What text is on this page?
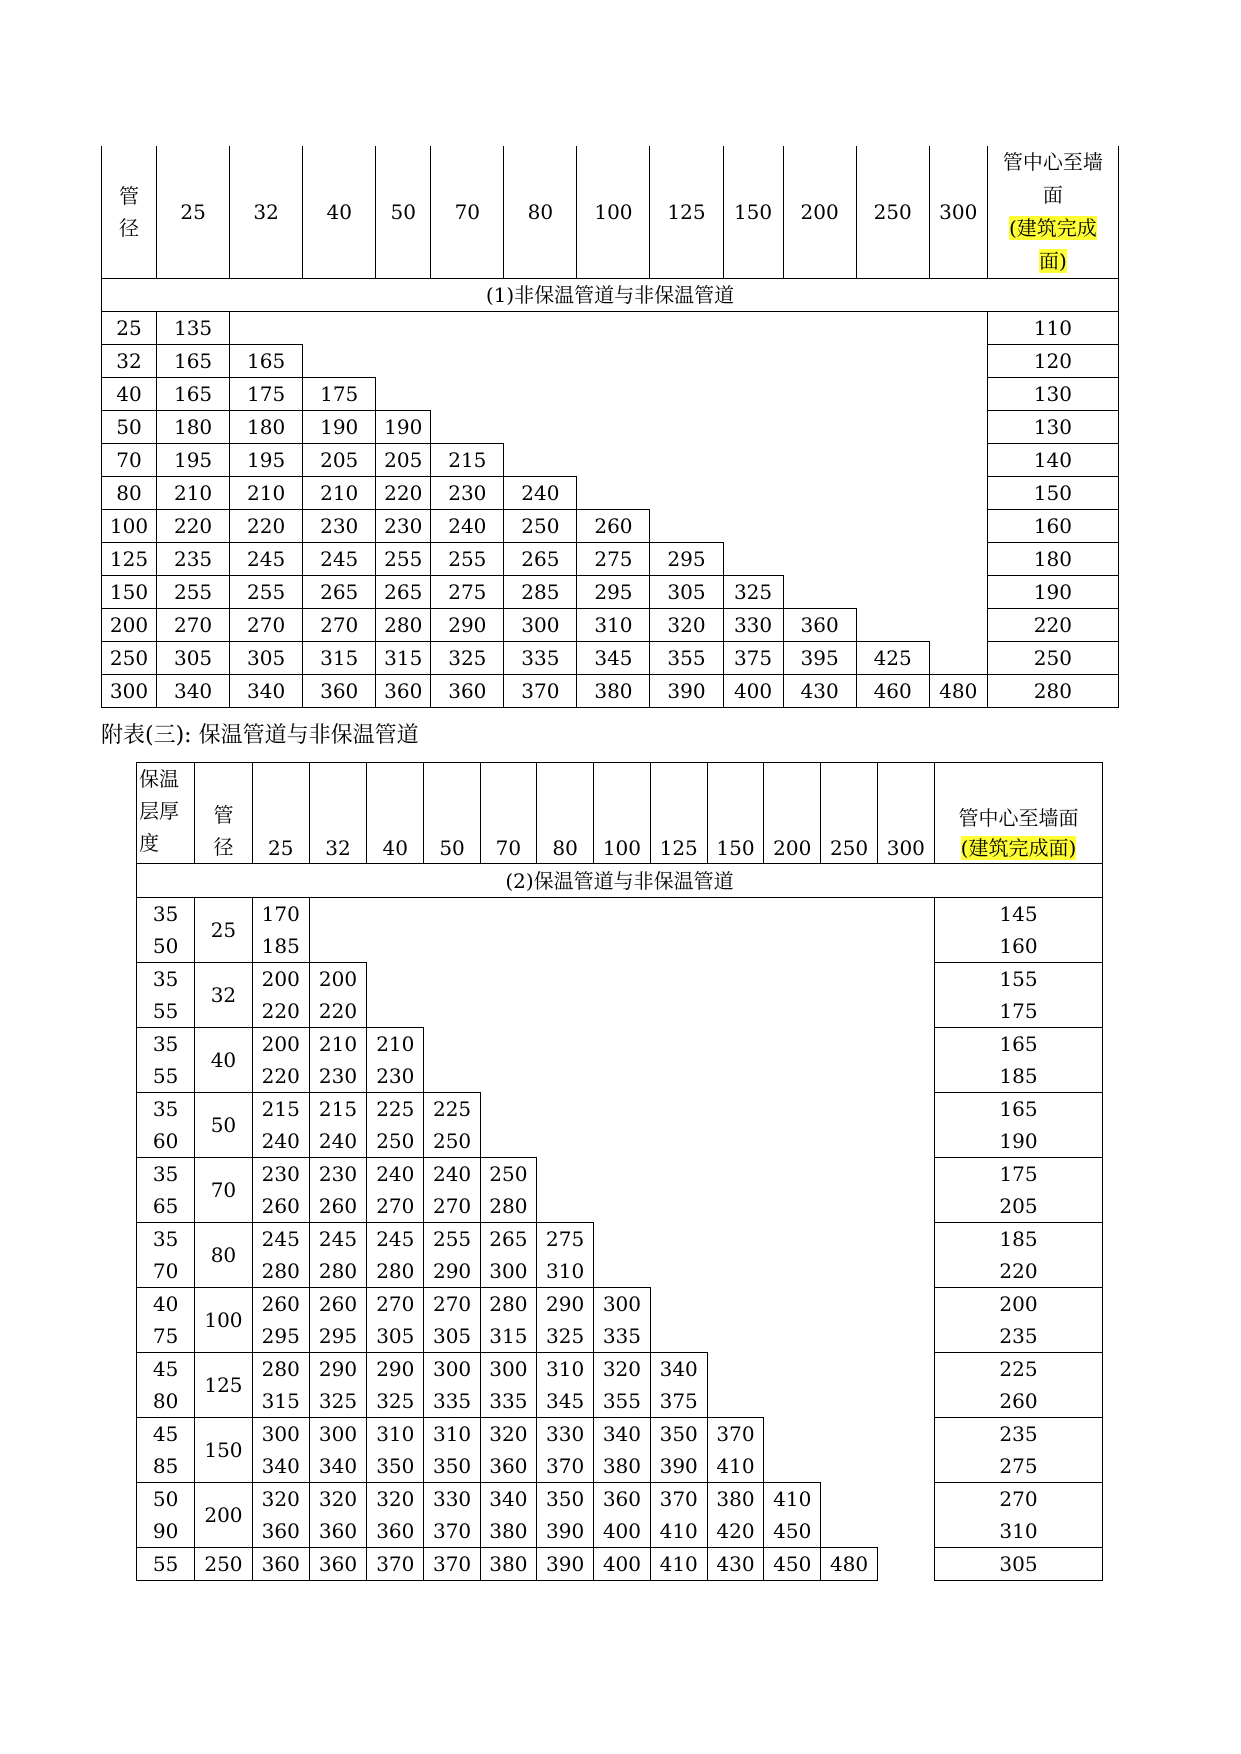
管径	25	32	40	50	70	80	100	125	150	200	250	300	管中心至墙面
(建筑完成面)

(1)非保温管道与非保温管道													
25	135												110
32	165	165											120
40	165	175	175										130
50	180	180	190	190									130
70	195	195	205	205	215								140
80	210	210	210	220	230	240							150
100	220	220	230	230	240	250	260						160
125	235	245	245	255	255	265	275	295					180
150	255	255	265	265	275	285	295	305	325				190
200	270	270	270	280	290	300	310	320	330	360			220
250	305	305	315	315	325	335	345	355	375	395	425		250
300	340	340	360	360	360	370	380	390	400	430	460	480	280
附表(三): 保温管道与非保温管道
保温层厚度	管径	25	32	40	50	70	80	100	125	150	200	250	300	管中心至墙面
(建筑完成面)

(2)保温管道与非保温管道														
35	25	170												145
50		185												160
35	32	200	200											155
55		220	220											175
35	40	200	210	210										165
55		220	230	230										185
35	50	215	215	225	225									165
60		240	240	250	250									190
35	70	230	230	240	240	250								175
65		260	260	270	270	280								205
35	80	245	245	245	255	265	275							185
70		280	280	280	290	300	310							220
40	100	260	260	270	270	280	290	300						200
75		295	295	305	305	315	325	335						235
45	125	280	290	290	300	300	310	320	340					225
80		315	325	325	335	335	345	355	375					260
45	150	300	300	310	310	320	330	340	350	370				235
85		340	340	350	350	360	370	380	390	410				275
50	200	320	320	320	330	340	350	360	370	380	410			270
90		360	360	360	370	380	390	400	410	420	450			310
55	250	360	360	370	370	380	390	400	410	430	450	480		305
